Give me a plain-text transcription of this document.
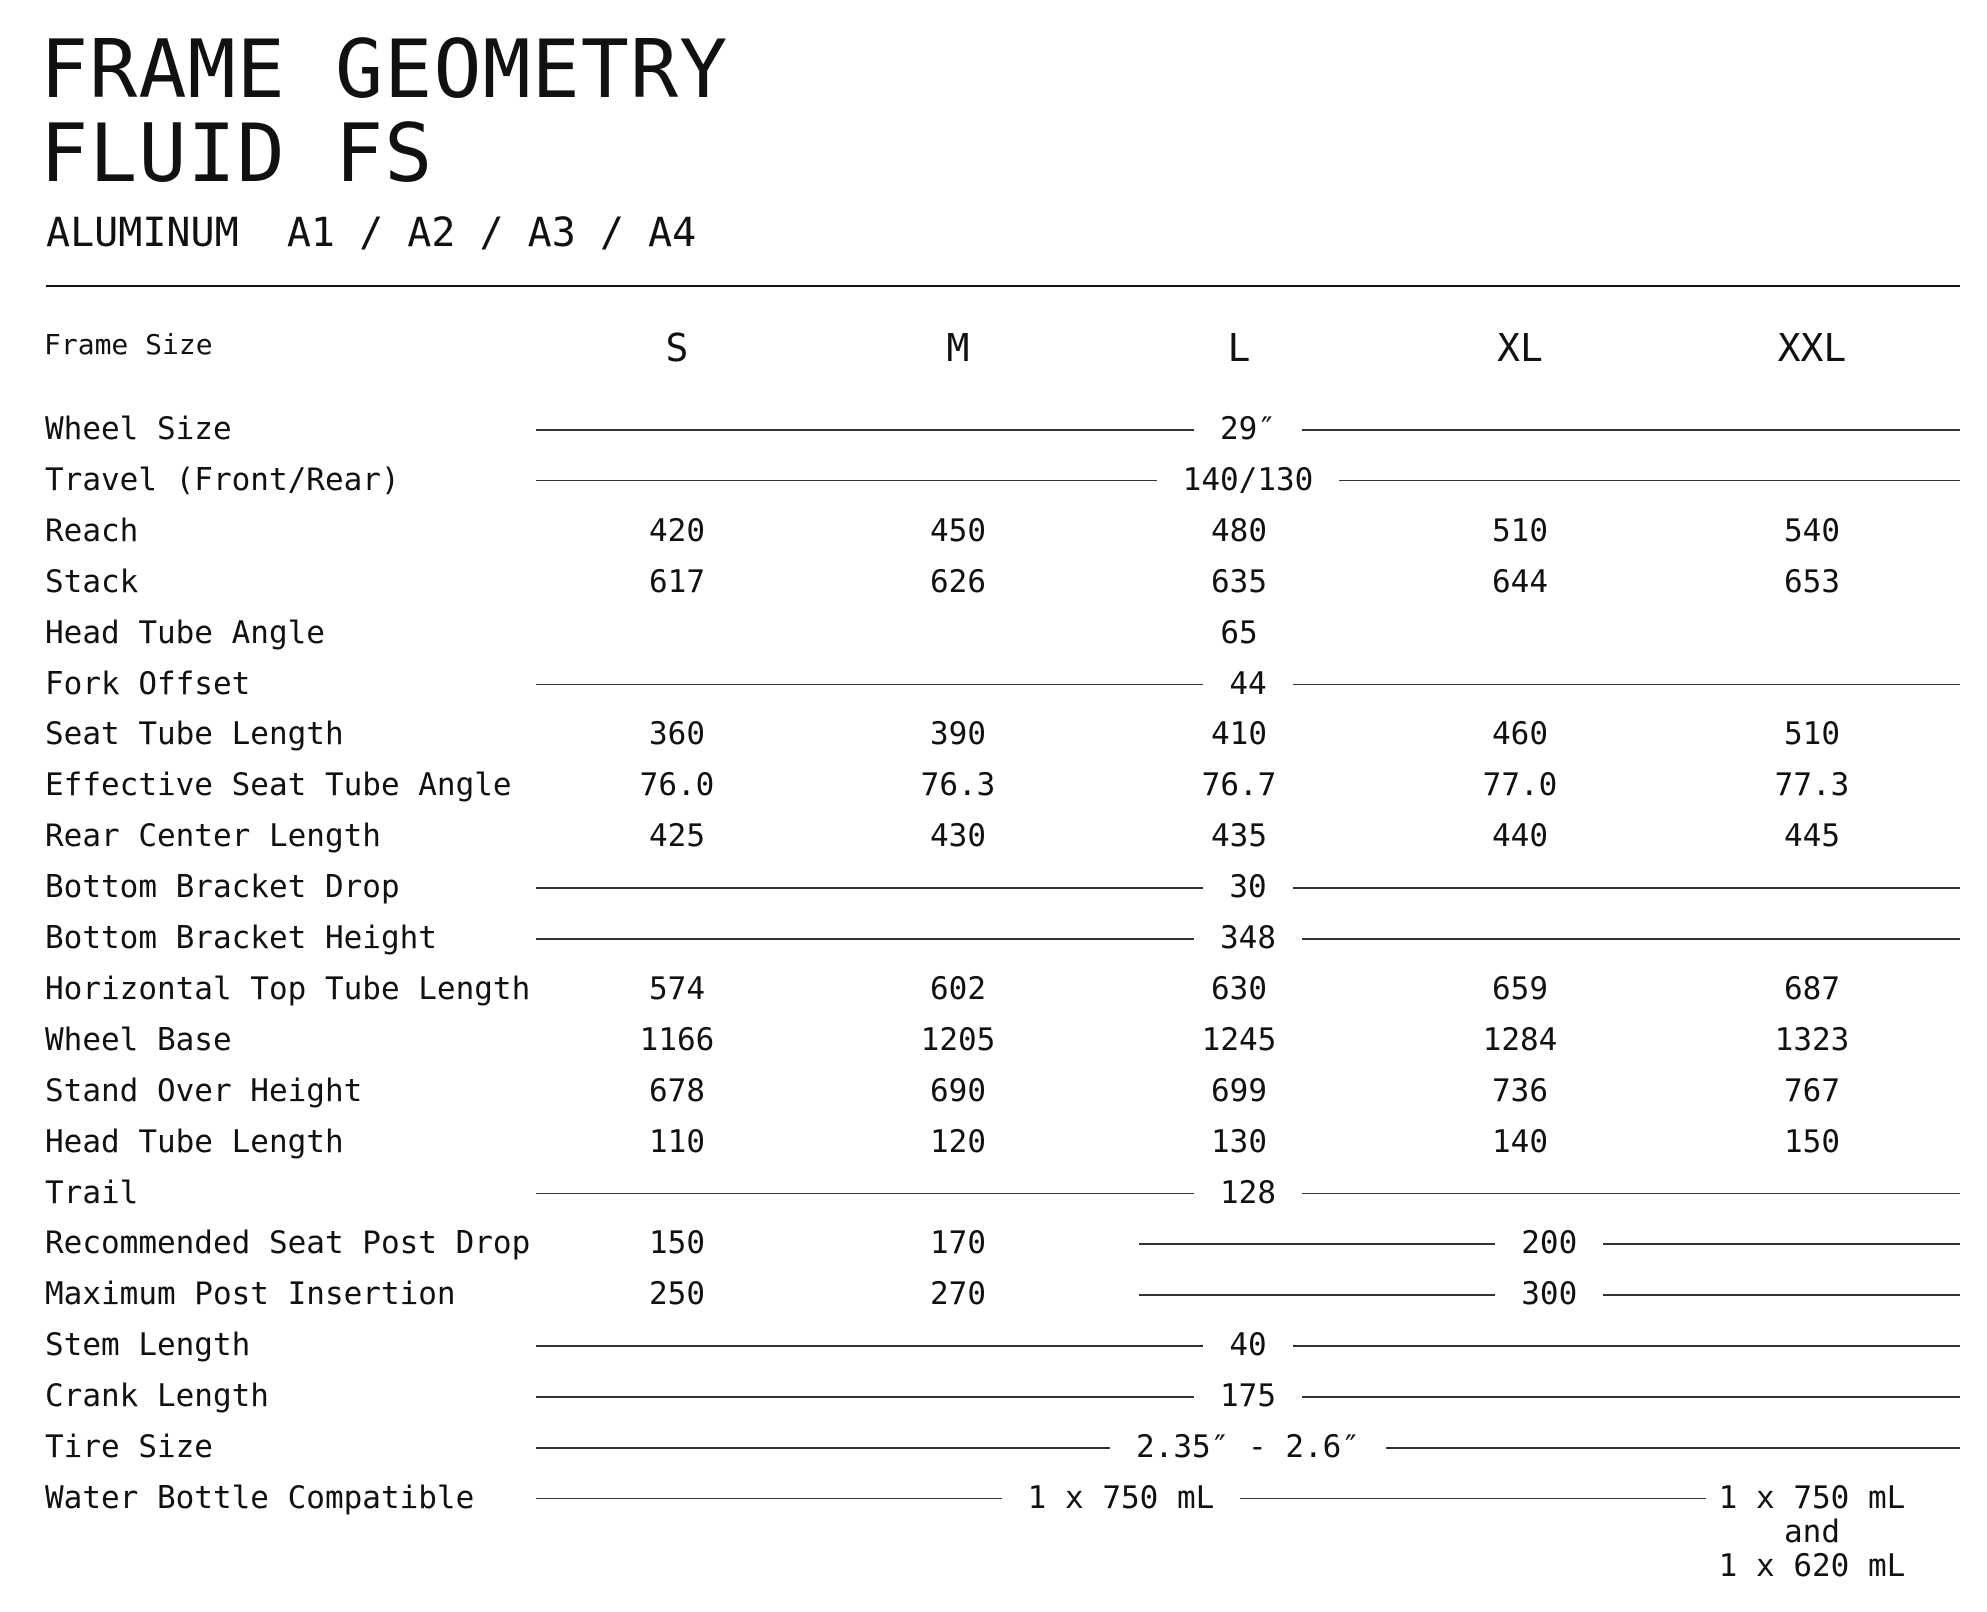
FRAME GEOMETRY
FLUID FS
ALUMINUM  A1 / A2 / A3 / A4
Frame Size	S	M	L	XL	XXL
Wheel Size	29″
Travel (Front/Rear)	140/130
Reach	420	450	480	510	540
Stack	617	626	635	644	653
Head Tube Angle	65
Fork Offset	44
Seat Tube Length	360	390	410	460	510
Effective Seat Tube Angle	76.0	76.3	76.7	77.0	77.3
Rear Center Length	425	430	435	440	445
Bottom Bracket Drop	30
Bottom Bracket Height	348
Horizontal Top Tube Length	574	602	630	659	687
Wheel Base	1166	1205	1245	1284	1323
Stand Over Height	678	690	699	736	767
Head Tube Length	110	120	130	140	150
Trail	128
Recommended Seat Post Drop	150	170	200
Maximum Post Insertion	250	270	300
Stem Length	40
Crank Length	175
Tire Size	2.35″ - 2.6″
Water Bottle Compatible	1 x 750 mL	1 x 750 mL
and
1 x 620 mL
